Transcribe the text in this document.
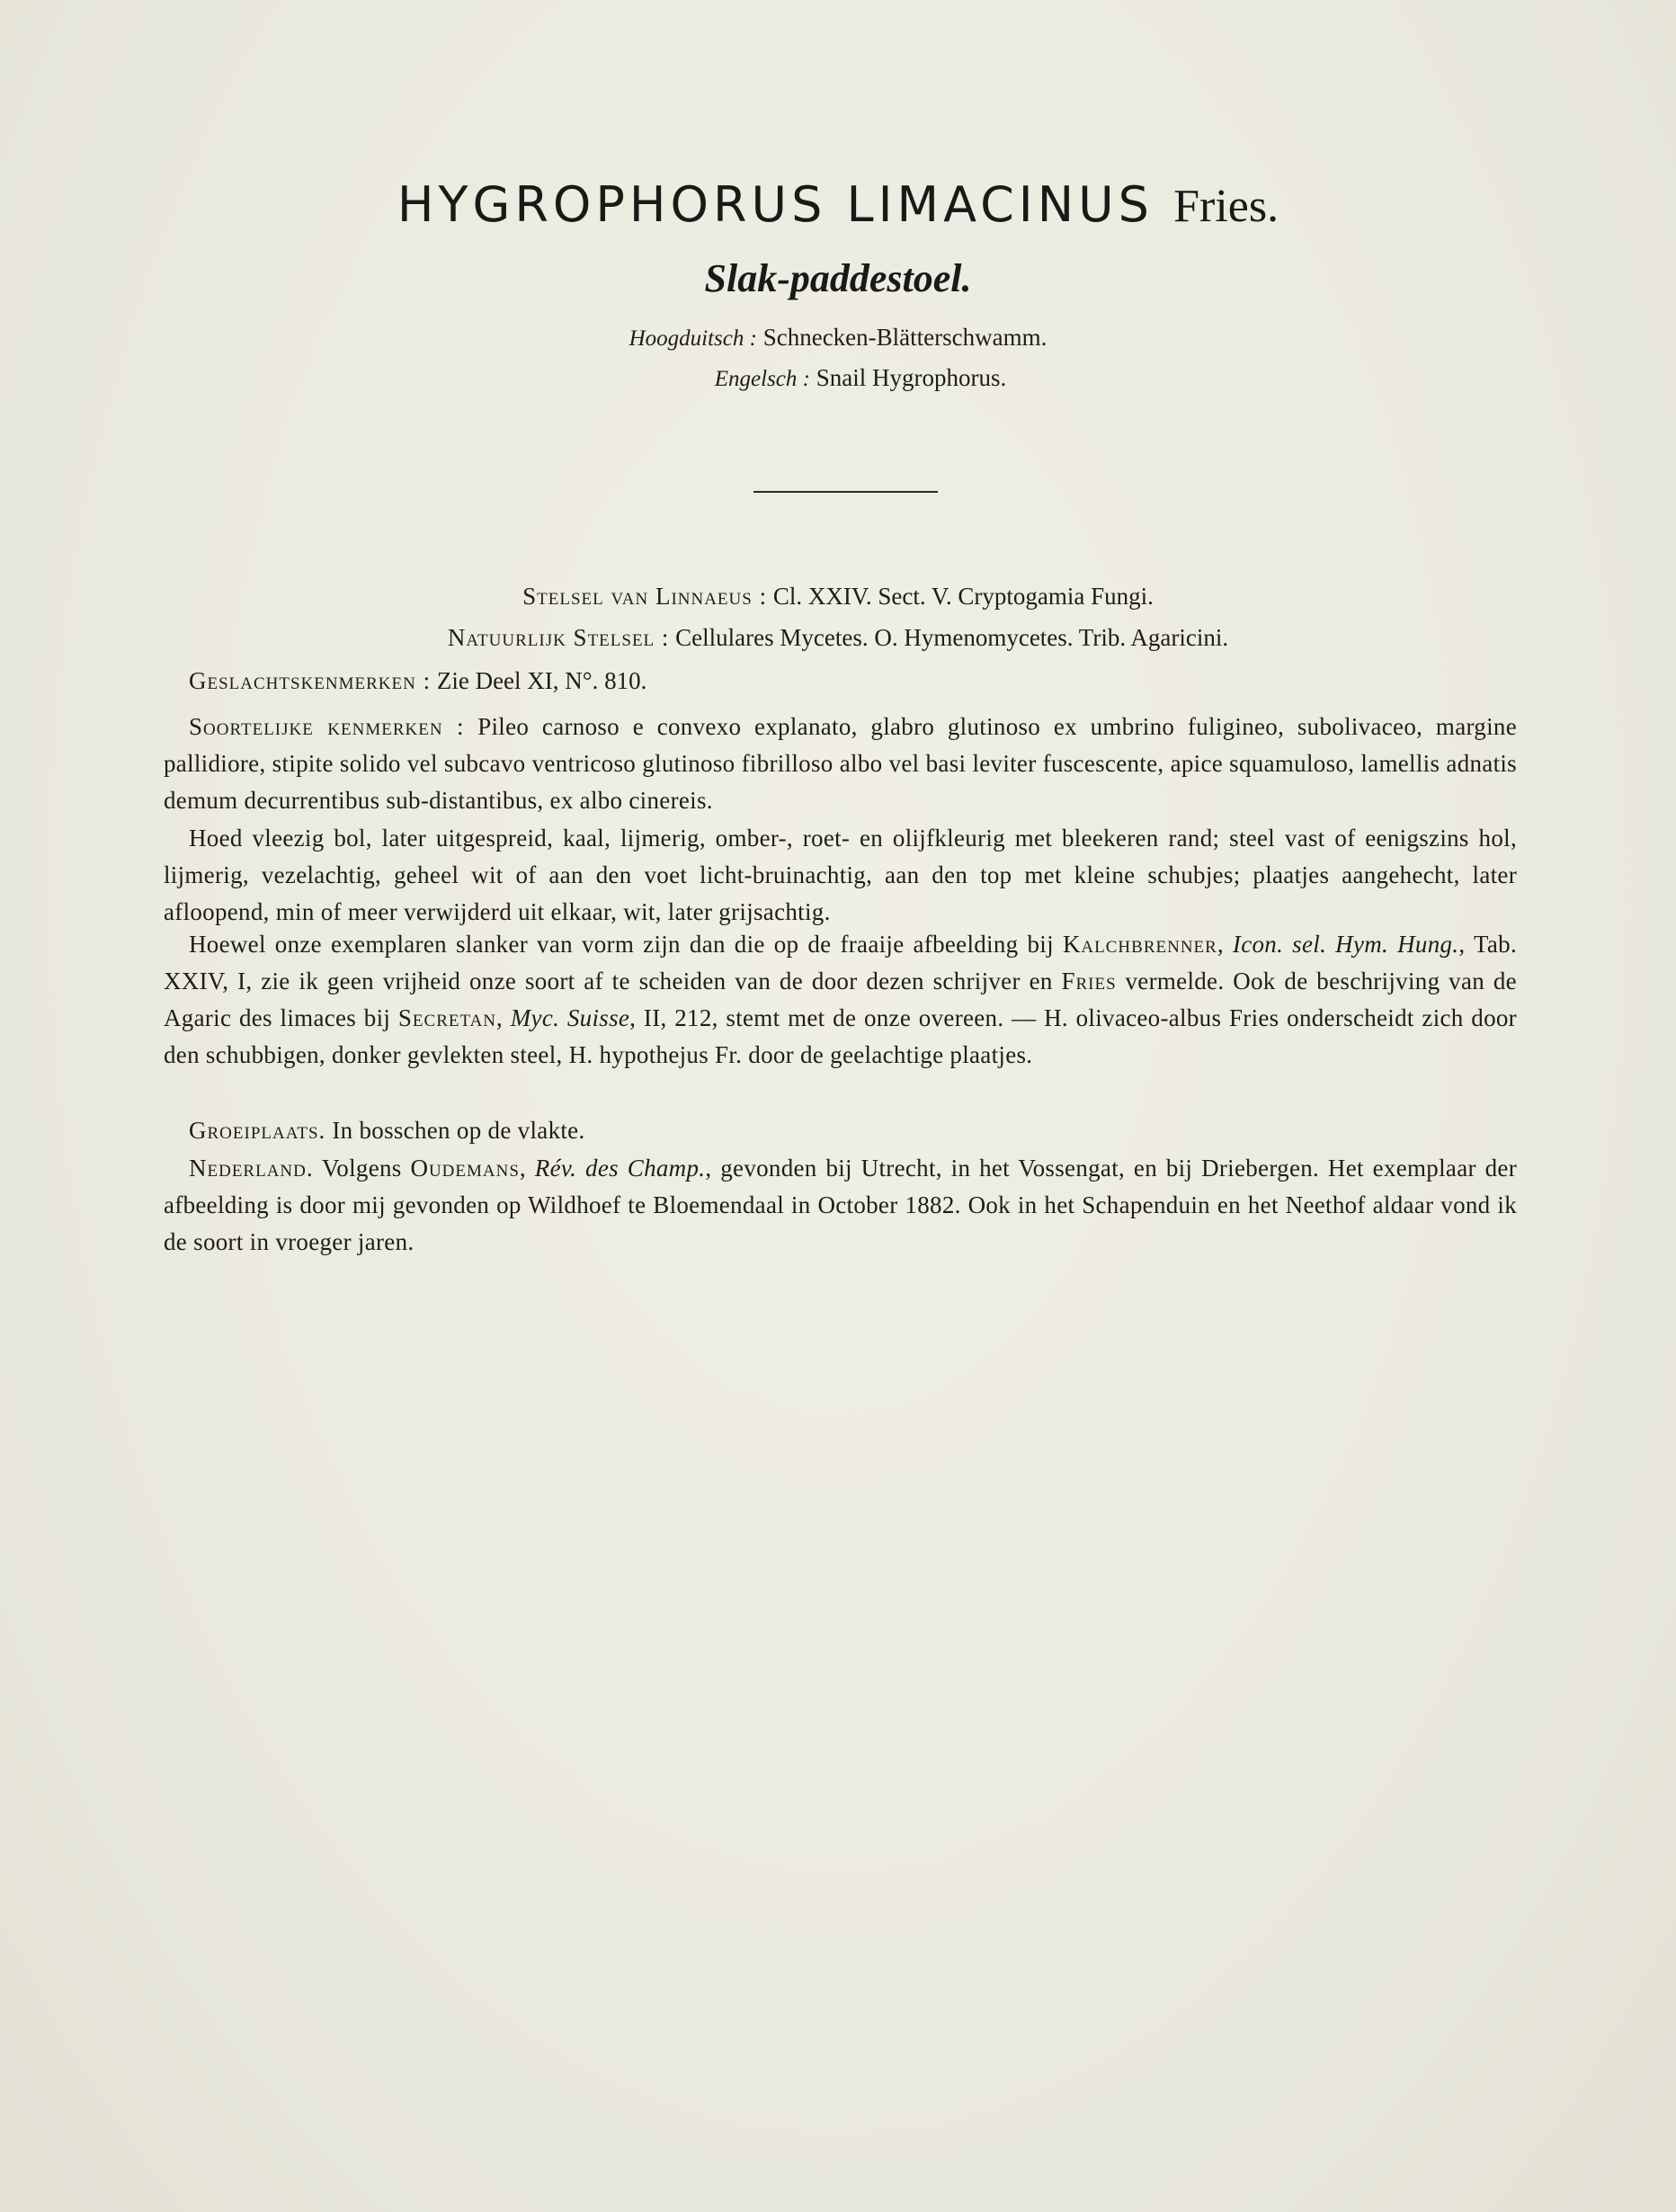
HYGROPHORUS LIMACINUS Fries.
Slak-paddestoel.
Hoogduitsch : Schnecken-Blätterschwamm.
Engelsch : Snail Hygrophorus.
Stelsel van Linnaeus : Cl. XXIV. Sect. V. Cryptogamia Fungi.
Natuurlijk Stelsel : Cellulares Mycetes. O. Hymenomycetes. Trib. Agaricini.
Geslachtskenmerken : Zie Deel XI, N°. 810.
Soortelijke kenmerken : Pileo carnoso e convexo explanato, glabro glutinoso ex umbrino fuligineo, subolivaceo, margine pallidiore, stipite solido vel subcavo ventricoso glutinoso fibrilloso albo vel basi leviter fuscescente, apice squamuloso, lamellis adnatis demum decurrentibus sub-distantibus, ex albo cinereis.
Hoed vleezig bol, later uitgespreid, kaal, lijmerig, omber-, roet- en olijfkleurig met bleekeren rand; steel vast of eenigszins hol, lijmerig, vezelachtig, geheel wit of aan den voet licht-bruinachtig, aan den top met kleine schubjes; plaatjes aangehecht, later afloopend, min of meer verwijderd uit elkaar, wit, later grijsachtig.
Hoewel onze exemplaren slanker van vorm zijn dan die op de fraaije afbeelding bij Kalchbrenner, Icon. sel. Hym. Hung., Tab. XXIV, I, zie ik geen vrijheid onze soort af te scheiden van de door dezen schrijver en Fries vermelde. Ook de beschrijving van de Agaric des limaces bij Secretan, Myc. Suisse, II, 212, stemt met de onze overeen. — H. olivaceo-albus Fries onderscheidt zich door den schubbigen, donker gevlekten steel, H. hypothejus Fr. door de geelachtige plaatjes.
Groeiplaats. In bosschen op de vlakte.
Nederland. Volgens Oudemans, Rév. des Champ., gevonden bij Utrecht, in het Vossengat, en bij Driebergen. Het exemplaar der afbeelding is door mij gevonden op Wildhoef te Bloemendaal in October 1882. Ook in het Schapenduin en het Neethof aldaar vond ik de soort in vroeger jaren.
